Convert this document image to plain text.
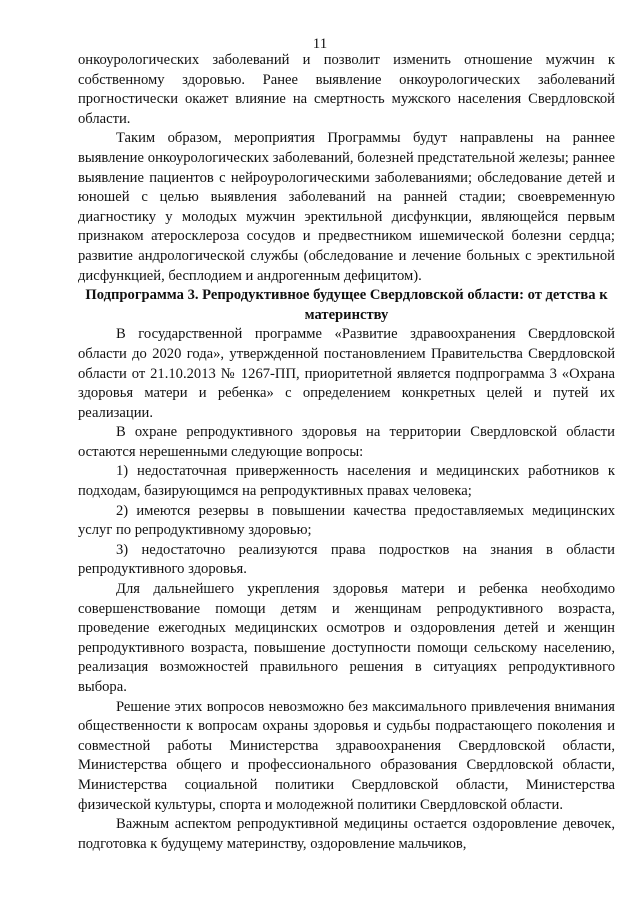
11

онкоурологических заболеваний и позволит изменить отношение мужчин к собственному здоровью. Ранее выявление онкоурологических заболеваний прогностически окажет влияние на смертность мужского населения Свердловской области.

Таким образом, мероприятия Программы будут направлены на раннее выявление онкоурологических заболеваний, болезней предстательной железы; раннее выявление пациентов с нейроурологическими заболеваниями; обследование детей и юношей с целью выявления заболеваний на ранней стадии; своевременную диагностику у молодых мужчин эректильной дисфункции, являющейся первым признаком атеросклероза сосудов и предвестником ишемической болезни сердца; развитие андрологической службы (обследование и лечение больных с эректильной дисфункцией, бесплодием и андрогенным дефицитом).

Подпрограмма 3. Репродуктивное будущее Свердловской области: от детства к материнству

В государственной программе «Развитие здравоохранения Свердловской области до 2020 года», утвержденной постановлением Правительства Свердловской области от 21.10.2013 № 1267-ПП, приоритетной является подпрограмма 3 «Охрана здоровья матери и ребенка» с определением конкретных целей и путей их реализации.

В охране репродуктивного здоровья на территории Свердловской области остаются нерешенными следующие вопросы:

1) недостаточная приверженность населения и медицинских работников к подходам, базирующимся на репродуктивных правах человека;

2) имеются резервы в повышении качества предоставляемых медицинских услуг по репродуктивному здоровью;

3) недостаточно реализуются права подростков на знания в области репродуктивного здоровья.

Для дальнейшего укрепления здоровья матери и ребенка необходимо совершенствование помощи детям и женщинам репродуктивного возраста, проведение ежегодных медицинских осмотров и оздоровления детей и женщин репродуктивного возраста, повышение доступности помощи сельскому населению, реализация возможностей правильного решения в ситуациях репродуктивного выбора.

Решение этих вопросов невозможно без максимального привлечения внимания общественности к вопросам охраны здоровья и судьбы подрастающего поколения и совместной работы Министерства здравоохранения Свердловской области, Министерства общего и профессионального образования Свердловской области, Министерства социальной политики Свердловской области, Министерства физической культуры, спорта и молодежной политики Свердловской области.

Важным аспектом репродуктивной медицины остается оздоровление девочек, подготовка к будущему материнству, оздоровление мальчиков,
